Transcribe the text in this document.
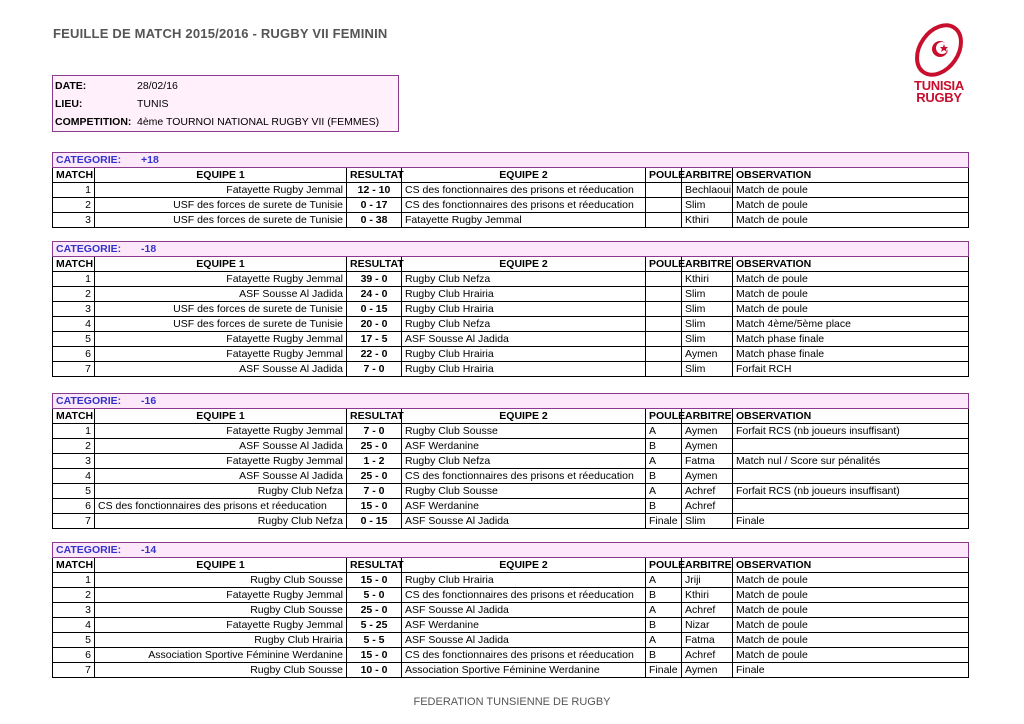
FEUILLE DE MATCH 2015/2016 - RUGBY VII FEMININ
TUNISIA
RUGBY
DATE:	28/02/16
LIEU:	TUNIS
COMPETITION: 4ème TOURNOI NATIONAL RUGBY VII (FEMMES)
CATEGORIE: +18						
MATCH	EQUIPE 1	RESULTAT	EQUIPE 2	POULE	ARBITRE	OBSERVATION
1	Fatayette Rugby Jemmal	12 - 10	CS des fonctionnaires des prisons et réeducation		Bechlaoui	Match de poule
2	USF des forces de surete de Tunisie	0 - 17	CS des fonctionnaires des prisons et réeducation		Slim	Match de poule
3	USF des forces de surete de Tunisie	0 - 38	Fatayette Rugby Jemmal		Kthiri	Match de poule
CATEGORIE: -18						
MATCH	EQUIPE 1	RESULTAT	EQUIPE 2	POULE	ARBITRE	OBSERVATION
1	Fatayette Rugby Jemmal	39 - 0	Rugby Club Nefza		Kthiri	Match de poule
2	ASF Sousse Al Jadida	24 - 0	Rugby Club Hrairia		Slim	Match de poule
3	USF des forces de surete de Tunisie	0 - 15	Rugby Club Hrairia		Slim	Match de poule
4	USF des forces de surete de Tunisie	20 - 0	Rugby Club Nefza		Slim	Match 4ème/5ème place
5	Fatayette Rugby Jemmal	17 - 5	ASF Sousse Al Jadida		Slim	Match phase finale
6	Fatayette Rugby Jemmal	22 - 0	Rugby Club Hrairia		Aymen	Match phase finale
7	ASF Sousse Al Jadida	7 - 0	Rugby Club Hrairia		Slim	Forfait RCH
CATEGORIE: -16						
MATCH	EQUIPE 1	RESULTAT	EQUIPE 2	POULE	ARBITRE	OBSERVATION
1	Fatayette Rugby Jemmal	7 - 0	Rugby Club Sousse	A	Aymen	Forfait RCS (nb joueurs insuffisant)
2	ASF Sousse Al Jadida	25 - 0	ASF Werdanine	B	Aymen	
3	Fatayette Rugby Jemmal	1 - 2	Rugby Club Nefza	A	Fatma	Match nul / Score sur pénalités
4	ASF Sousse Al Jadida	25 - 0	CS des fonctionnaires des prisons et réeducation	B	Aymen	
5	Rugby Club Nefza	7 - 0	Rugby Club Sousse	A	Achref	Forfait RCS (nb joueurs insuffisant)
6	CS des fonctionnaires des prisons et réeducation	15 - 0	ASF Werdanine	B	Achref	
7	Rugby Club Nefza	0 - 15	ASF Sousse Al Jadida	Finale	Slim	Finale
CATEGORIE: -14						
MATCH	EQUIPE 1	RESULTAT	EQUIPE 2	POULE	ARBITRE	OBSERVATION
1	Rugby Club Sousse	15 - 0	Rugby Club Hrairia	A	Jriji	Match de poule
2	Fatayette Rugby Jemmal	5 - 0	CS des fonctionnaires des prisons et réeducation	B	Kthiri	Match de poule
3	Rugby Club Sousse	25 - 0	ASF Sousse Al Jadida	A	Achref	Match de poule
4	Fatayette Rugby Jemmal	5 - 25	ASF Werdanine	B	Nizar	Match de poule
5	Rugby Club Hrairia	5 - 5	ASF Sousse Al Jadida	A	Fatma	Match de poule
6	Association Sportive Féminine Werdanine	15 - 0	CS des fonctionnaires des prisons et réeducation	B	Achref	Match de poule
7	Rugby Club Sousse	10 - 0	Association Sportive Féminine Werdanine	Finale	Aymen	Finale
FEDERATION TUNSIENNE DE RUGBY
